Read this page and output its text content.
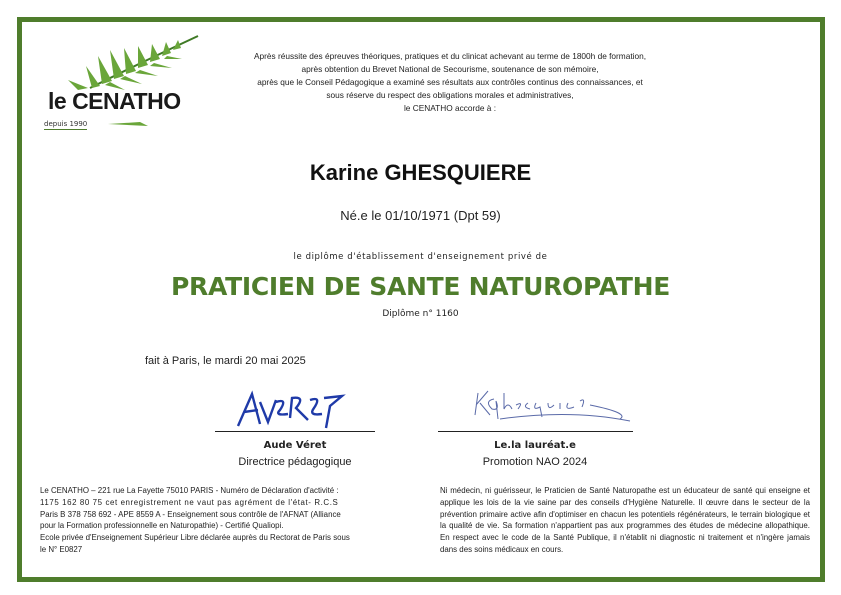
le CENATHO
depuis 1990
Après réussite des épreuves théoriques, pratiques et du clinicat achevant au terme de 1800h de formation,
après obtention du Brevet National de Secourisme, soutenance de son mémoire,
après que le Conseil Pédagogique a examiné ses résultats aux contrôles continus des connaissances, et
sous réserve du respect des obligations morales et administratives,
le CENATHO accorde à :
Karine GHESQUIERE
Né.e le 01/10/1971 (Dpt 59)
le diplôme d'établissement d'enseignement privé de
PRATICIEN DE SANTE NATUROPATHE
Diplôme n° 1160
fait à Paris, le mardi 20 mai 2025
Aude Véret
Directrice pédagogique
Le.la lauréat.e
Promotion NAO 2024
Le CENATHO – 221 rue La Fayette 75010 PARIS - Numéro de Déclaration d'activité :
1175 162 80 75 cet enregistrement ne vaut pas agrément de l'état- R.C.S
Paris B 378 758 692 - APE 8559 A - Enseignement sous contrôle de l'AFNAT (Alliance
pour la Formation professionnelle en Naturopathie) - Certifié Qualiopi.
Ecole privée d'Enseignement Supérieur Libre déclarée auprès du Rectorat de Paris sous
le N° E0827
Ni médecin, ni guérisseur, le Praticien de Santé Naturopathe est un éducateur de santé qui enseigne et applique les lois de la vie saine par des conseils d'Hygiène Naturelle. Il œuvre dans le secteur de la prévention primaire active afin d'optimiser en chacun les potentiels régénérateurs, le terrain biologique et la qualité de vie. Sa formation n'appartient pas aux programmes des études de médecine allopathique. En respect avec le code de la Santé Publique, il n'établit ni diagnostic ni traitement et n'ingère jamais dans des soins médicaux en cours.
